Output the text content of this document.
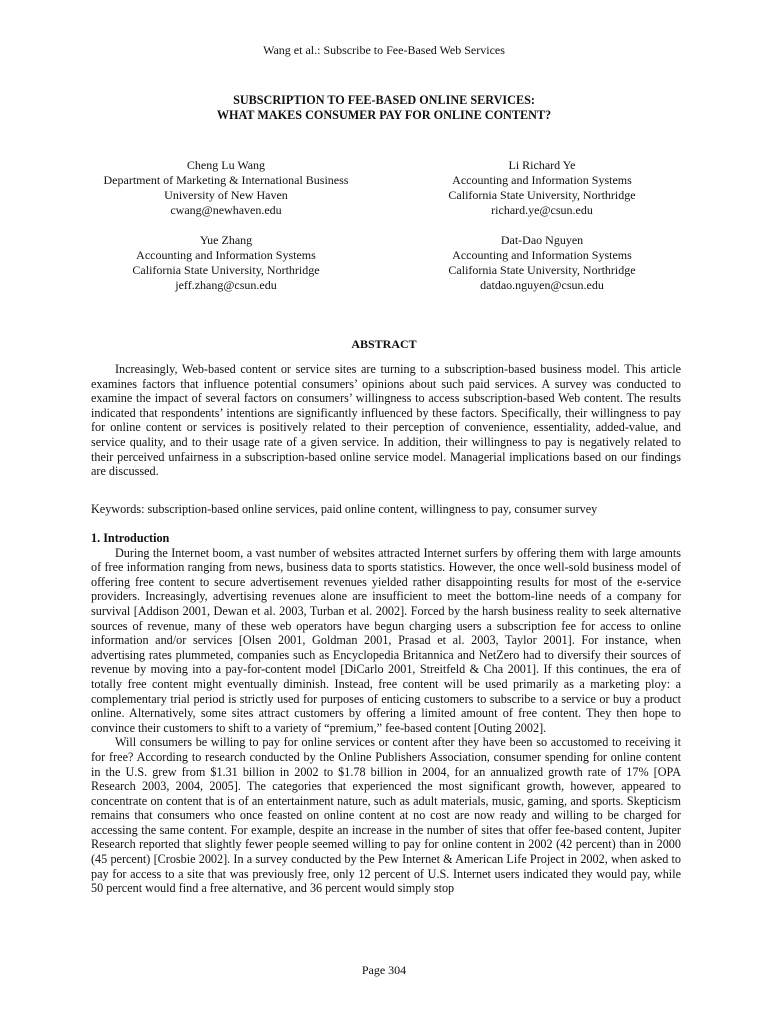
Wang et al.: Subscribe to Fee-Based Web Services
SUBSCRIPTION TO FEE-BASED ONLINE SERVICES:
WHAT MAKES CONSUMER PAY FOR ONLINE CONTENT?
Cheng Lu Wang
Department of Marketing & International Business
University of New Haven
cwang@newhaven.edu
Li Richard Ye
Accounting and Information Systems
California State University, Northridge
richard.ye@csun.edu
Yue Zhang
Accounting and Information Systems
California State University, Northridge
jeff.zhang@csun.edu
Dat-Dao Nguyen
Accounting and Information Systems
California State University, Northridge
datdao.nguyen@csun.edu
ABSTRACT

Increasingly, Web-based content or service sites are turning to a subscription-based business model. This article examines factors that influence potential consumers’ opinions about such paid services. A survey was conducted to examine the impact of several factors on consumers’ willingness to access subscription-based Web content. The results indicated that respondents’ intentions are significantly influenced by these factors. Specifically, their willingness to pay for online content or services is positively related to their perception of convenience, essentiality, added-value, and service quality, and to their usage rate of a given service. In addition, their willingness to pay is negatively related to their perceived unfairness in a subscription-based online service model. Managerial implications based on our findings are discussed.

Keywords: subscription-based online services, paid online content, willingness to pay, consumer survey

1. Introduction

During the Internet boom, a vast number of websites attracted Internet surfers by offering them with large amounts of free information ranging from news, business data to sports statistics. However, the once well-sold business model of offering free content to secure advertisement revenues yielded rather disappointing results for most of the e-service providers. Increasingly, advertising revenues alone are insufficient to meet the bottom-line needs of a company for survival [Addison 2001, Dewan et al. 2003, Turban et al. 2002]. Forced by the harsh business reality to seek alternative sources of revenue, many of these web operators have begun charging users a subscription fee for access to online information and/or services [Olsen 2001, Goldman 2001, Prasad et al. 2003, Taylor 2001]. For instance, when advertising rates plummeted, companies such as Encyclopedia Britannica and NetZero had to diversify their sources of revenue by moving into a pay-for-content model [DiCarlo 2001, Streitfeld & Cha 2001]. If this continues, the era of totally free content might eventually diminish. Instead, free content will be used primarily as a marketing ploy: a complementary trial period is strictly used for purposes of enticing customers to subscribe to a service or buy a product online. Alternatively, some sites attract customers by offering a limited amount of free content. They then hope to convince their customers to shift to a variety of “premium,” fee-based content [Outing 2002].

Will consumers be willing to pay for online services or content after they have been so accustomed to receiving it for free? According to research conducted by the Online Publishers Association, consumer spending for online content in the U.S. grew from $1.31 billion in 2002 to $1.78 billion in 2004, for an annualized growth rate of 17% [OPA Research 2003, 2004, 2005]. The categories that experienced the most significant growth, however, appeared to concentrate on content that is of an entertainment nature, such as adult materials, music, gaming, and sports. Skepticism remains that consumers who once feasted on online content at no cost are now ready and willing to be charged for accessing the same content. For example, despite an increase in the number of sites that offer fee-based content, Jupiter Research reported that slightly fewer people seemed willing to pay for online content in 2002 (42 percent) than in 2000 (45 percent) [Crosbie 2002]. In a survey conducted by the Pew Internet & American Life Project in 2002, when asked to pay for access to a site that was previously free, only 12 percent of U.S. Internet users indicated they would pay, while 50 percent would find a free alternative, and 36 percent would simply stop

Page 304
